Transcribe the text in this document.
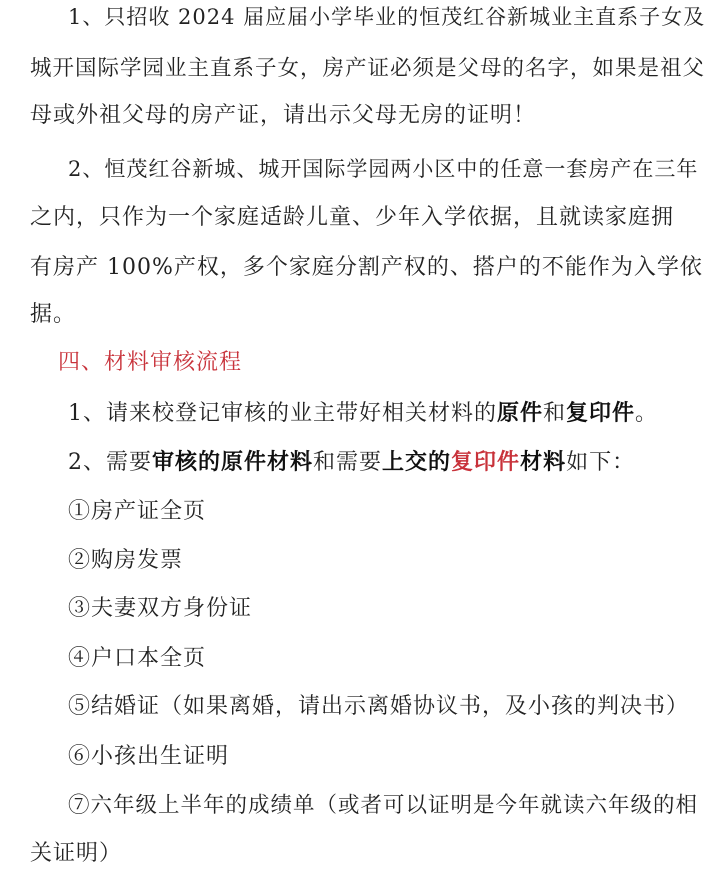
1、只招收 2024 届应届小学毕业的恒茂红谷新城业主直系子女及
城开国际学园业主直系子女，房产证必须是父母的名字，如果是祖父
母或外祖父母的房产证，请出示父母无房的证明！
2、恒茂红谷新城、城开国际学园两小区中的任意一套房产在三年
之内，只作为一个家庭适龄儿童、少年入学依据，且就读家庭拥
有房产 100%产权，多个家庭分割产权的、搭户的不能作为入学依
据。
四、材料审核流程
1、请来校登记审核的业主带好相关材料的原件和复印件。
2、需要审核的原件材料和需要上交的复印件材料如下：
①房产证全页
②购房发票
③夫妻双方身份证
④户口本全页
⑤结婚证（如果离婚，请出示离婚协议书，及小孩的判决书）
⑥小孩出生证明
⑦六年级上半年的成绩单（或者可以证明是今年就读六年级的相
关证明）
